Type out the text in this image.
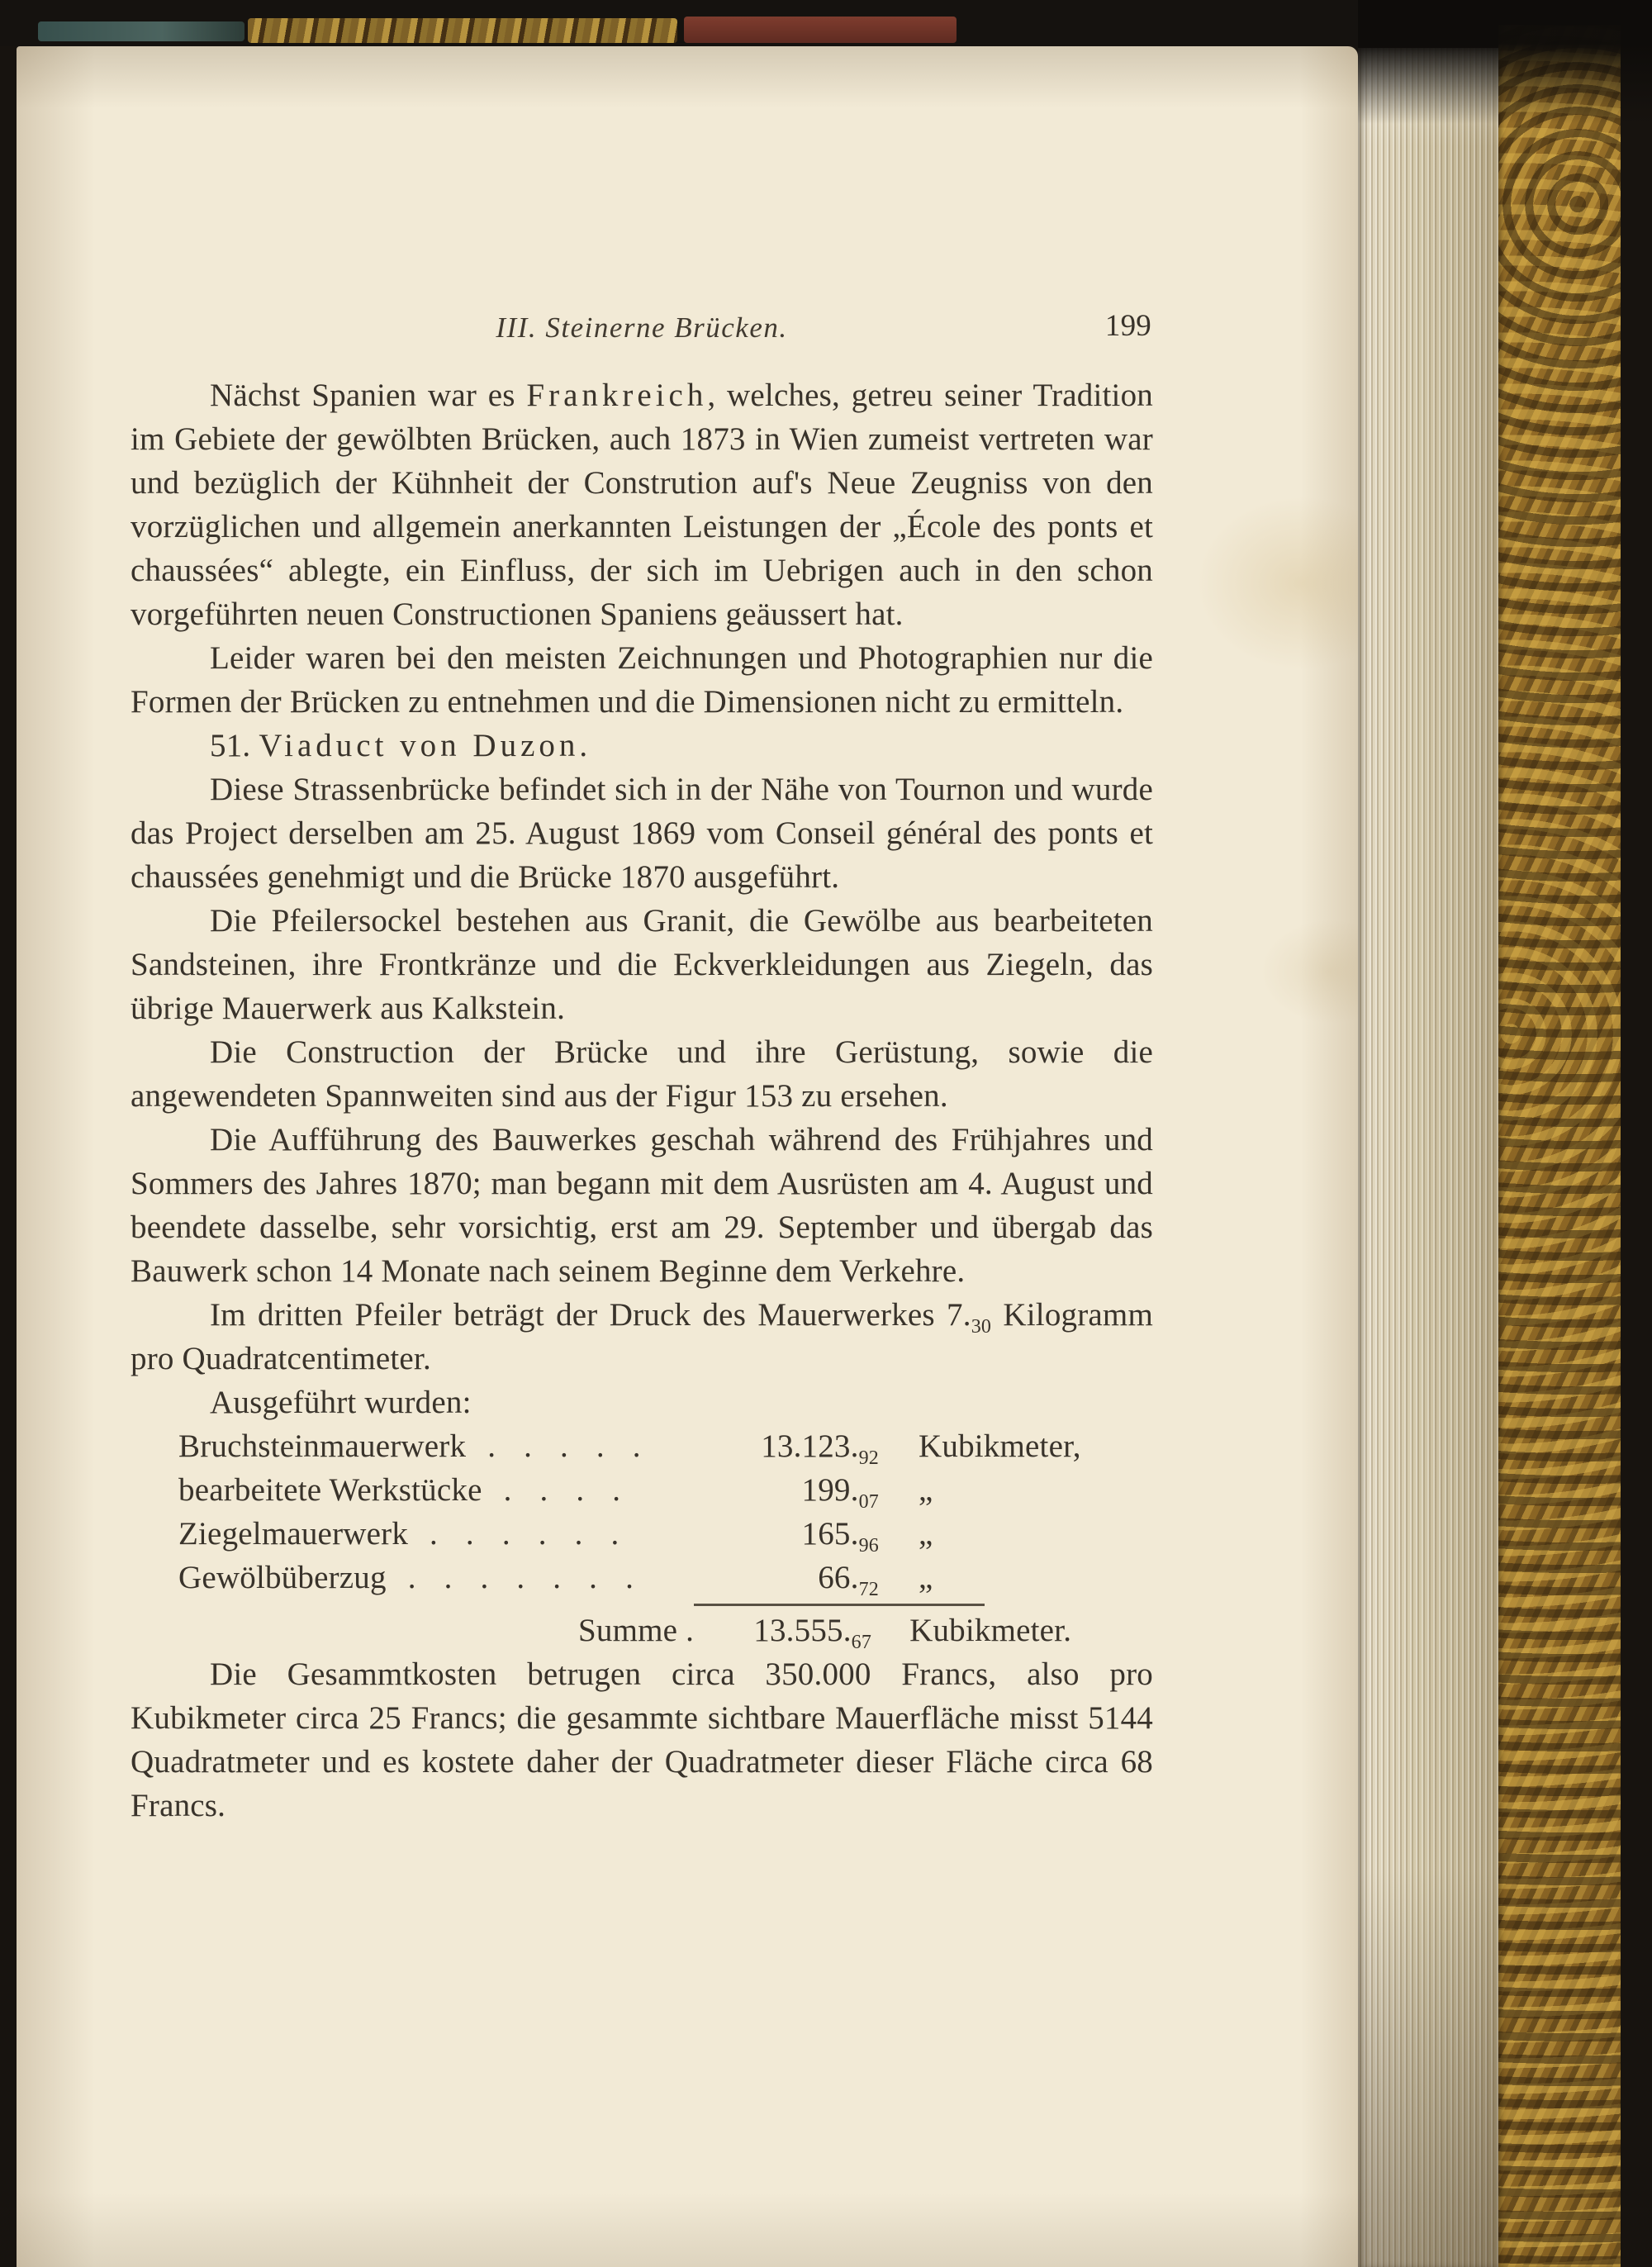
III. Steinerne Brücken.	199

Nächst Spanien war es Frankreich, welches, getreu seiner Tradition im Gebiete der gewölbten Brücken, auch 1873 in Wien zumeist vertreten war und bezüglich der Kühnheit der Constrution auf's Neue Zeugniss von den vorzüglichen und allgemein anerkannten Leistungen der „École des ponts et chaussées“ ablegte, ein Einfluss, der sich im Uebrigen auch in den schon vorgeführten neuen Constructionen Spaniens geäussert hat.

Leider waren bei den meisten Zeichnungen und Photographien nur die Formen der Brücken zu entnehmen und die Dimensionen nicht zu ermitteln.

51. Viaduct von Duzon.

Diese Strassenbrücke befindet sich in der Nähe von Tournon und wurde das Project derselben am 25. August 1869 vom Conseil général des ponts et chaussées genehmigt und die Brücke 1870 ausgeführt.

Die Pfeilersockel bestehen aus Granit, die Gewölbe aus bearbeiteten Sandsteinen, ihre Frontkränze und die Eckverkleidungen aus Ziegeln, das übrige Mauerwerk aus Kalkstein.

Die Construction der Brücke und ihre Gerüstung, sowie die angewendeten Spannweiten sind aus der Figur 153 zu ersehen.

Die Aufführung des Bauwerkes geschah während des Frühjahres und Sommers des Jahres 1870; man begann mit dem Ausrüsten am 4. August und beendete dasselbe, sehr vorsichtig, erst am 29. September und übergab das Bauwerk schon 14 Monate nach seinem Beginne dem Verkehre.

Im dritten Pfeiler beträgt der Druck des Mauerwerkes $7._{30}$ Kilogramm pro Quadratcentimeter.

Ausgeführt wurden:

Bruchsteinmauerwerk . . . . .	$13.123._{92}$	Kubikmeter,
bearbeitete Werkstücke . . . .	$199._{07}$	„
Ziegelmauerwerk . . . . . .	$165._{96}$	„
Gewölbüberzug . . . . . . .	$66._{72}$	„
Summe .	$13.555._{67}$	Kubikmeter.

Die Gesammtkosten betrugen circa 350.000 Francs, also pro Kubikmeter circa 25 Francs; die gesammte sichtbare Mauerfläche misst 5144 Quadratmeter und es kostete daher der Quadratmeter dieser Fläche circa 68 Francs.
